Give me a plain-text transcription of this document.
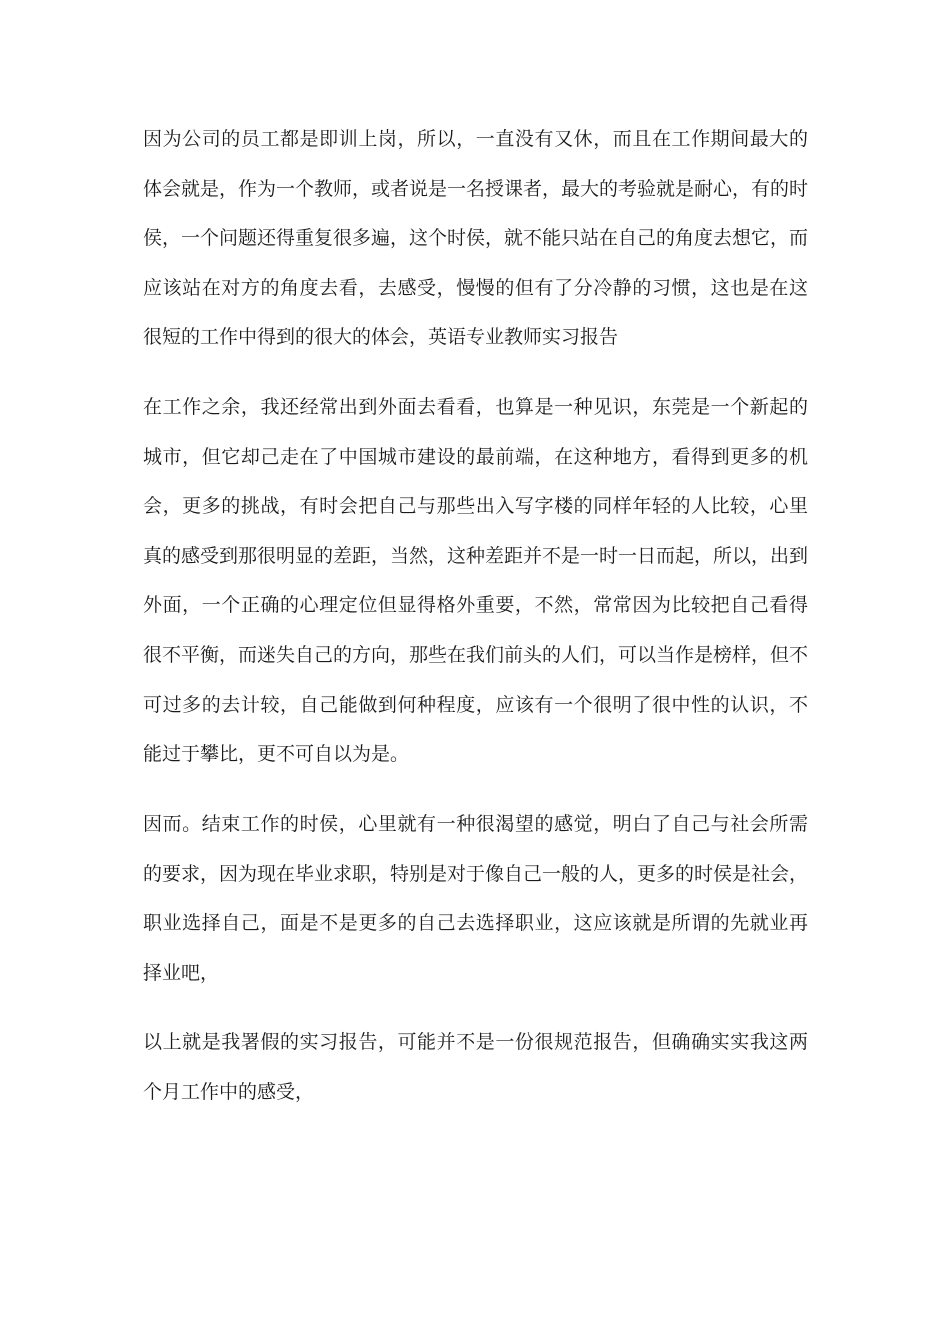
因为公司的员工都是即训上岗，所以，一直没有又休，而且在工作期间最大的
体会就是，作为一个教师，或者说是一名授课者，最大的考验就是耐心，有的时
侯，一个问题还得重复很多遍，这个时侯，就不能只站在自己的角度去想它，而
应该站在对方的角度去看，去感受，慢慢的但有了分冷静的习惯，这也是在这
很短的工作中得到的很大的体会，英语专业教师实习报告
在工作之余，我还经常出到外面去看看，也算是一种见识，东莞是一个新起的
城市，但它却己走在了中国城市建设的最前端，在这种地方，看得到更多的机
会，更多的挑战，有时会把自己与那些出入写字楼的同样年轻的人比较，心里
真的感受到那很明显的差距，当然，这种差距并不是一时一日而起，所以，出到
外面，一个正确的心理定位但显得格外重要，不然，常常因为比较把自己看得
很不平衡，而迷失自己的方向，那些在我们前头的人们，可以当作是榜样，但不
可过多的去计较，自己能做到何种程度，应该有一个很明了很中性的认识，不
能过于攀比，更不可自以为是。
因而。结束工作的时侯，心里就有一种很渴望的感觉，明白了自己与社会所需
的要求，因为现在毕业求职，特别是对于像自己一般的人，更多的时侯是社会，
职业选择自己，面是不是更多的自己去选择职业，这应该就是所谓的先就业再
择业吧，
以上就是我署假的实习报告，可能并不是一份很规范报告，但确确实实我这两
个月工作中的感受，
